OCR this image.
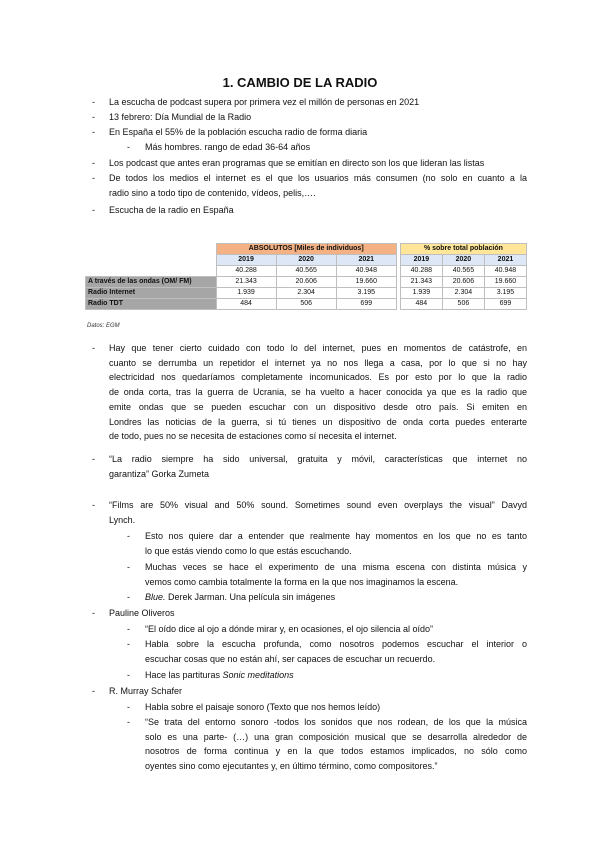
1. CAMBIO DE LA RADIO
- La escucha de podcast supera por primera vez el millón de personas en 2021
- 13 febrero: Día Mundial de la Radio
- En España el 55% de la población escucha radio de forma diaria
- Más hombres. rango de edad 36-64 años
- Los podcast que antes eran programas que se emitían en directo son los que lideran las listas
- De todos los medios el internet es el que los usuarios más consumen (no solo en cuanto a la
radio sino a todo tipo de contenido, vídeos, pelis,….
- Escucha de la radio en España
	ABSOLUTOS [Miles de individuos]				% sobre total población		
	2019	2020	2021		2019	2020	2021
	40.288	40.565	40.948		40.288	40.565	40.948
A través de las ondas (OM/ FM)	21.343	20.606	19.660		21.343	20.606	19.660
Radio Internet	1.939	2.304	3.195		1.939	2.304	3.195
Radio TDT	484	506	699		484	506	699
Datos: EGM
- Hay que tener cierto cuidado con todo lo del internet, pues en momentos de catástrofe, en
cuanto se derrumba un repetidor el internet ya no nos llega a casa, por lo que si no hay
electricidad nos quedaríamos completamente incomunicados. Es por esto por lo que la radio
de onda corta, tras la guerra de Ucrania, se ha vuelto a hacer conocida ya que es la radio que
emite ondas que se pueden escuchar con un dispositivo desde otro país. Si emiten en
Londres las noticias de la guerra, si tú tienes un dispositivo de onda corta puedes enterarte
de todo, pues no se necesita de estaciones como sí necesita el internet.
- “La radio siempre ha sido universal, gratuita y móvil, características que internet no
garantiza” Gorka Zumeta
- “Films are 50% visual and 50% sound. Sometimes sound even overplays the visual” Davyd
Lynch.
- Esto nos quiere dar a entender que realmente hay momentos en los que no es tanto
lo que estás viendo como lo que estás escuchando.
- Muchas veces se hace el experimento de una misma escena con distinta música y
vemos como cambia totalmente la forma en la que nos imaginamos la escena.
- Blue. Derek Jarman. Una película sin imágenes
- Pauline Oliveros
- “El oído dice al ojo a dónde mirar y, en ocasiones, el ojo silencia al oído”
- Habla sobre la escucha profunda, como nosotros podemos escuchar el interior o
escuchar cosas que no están ahí, ser capaces de escuchar un recuerdo.
- Hace las partituras Sonic meditations
- R. Murray Schafer
- Habla sobre el paisaje sonoro (Texto que nos hemos leído)
- “Se trata del entorno sonoro -todos los sonidos que nos rodean, de los que la música
solo es una parte- (…) una gran composición musical que se desarrolla alrededor de
nosotros de forma continua y en la que todos estamos implicados, no sólo como
oyentes sino como ejecutantes y, en último término, como compositores.”
